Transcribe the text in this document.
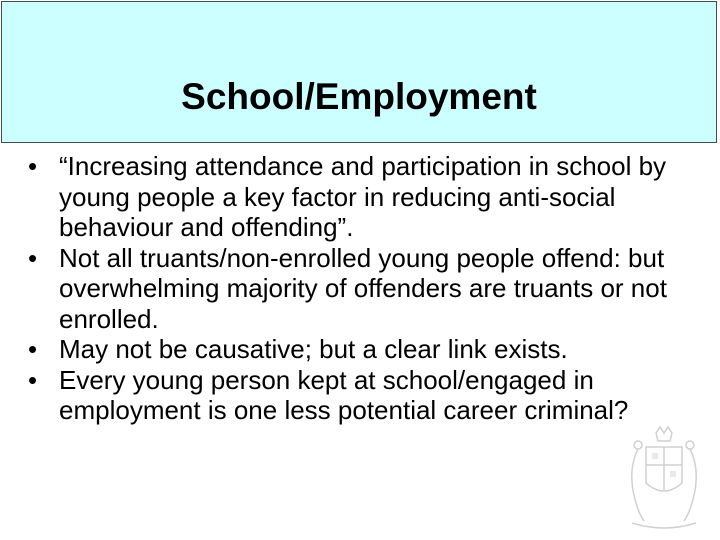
School/Employment
• “Increasing attendance and participation in school by young people a key factor in reducing anti-social behaviour and offending”.
• Not all truants/non-enrolled young people offend: but overwhelming majority of offenders are truants or not enrolled.
• May not be causative; but a clear link exists.
• Every young person kept at school/engaged in employment is one less potential career criminal?
